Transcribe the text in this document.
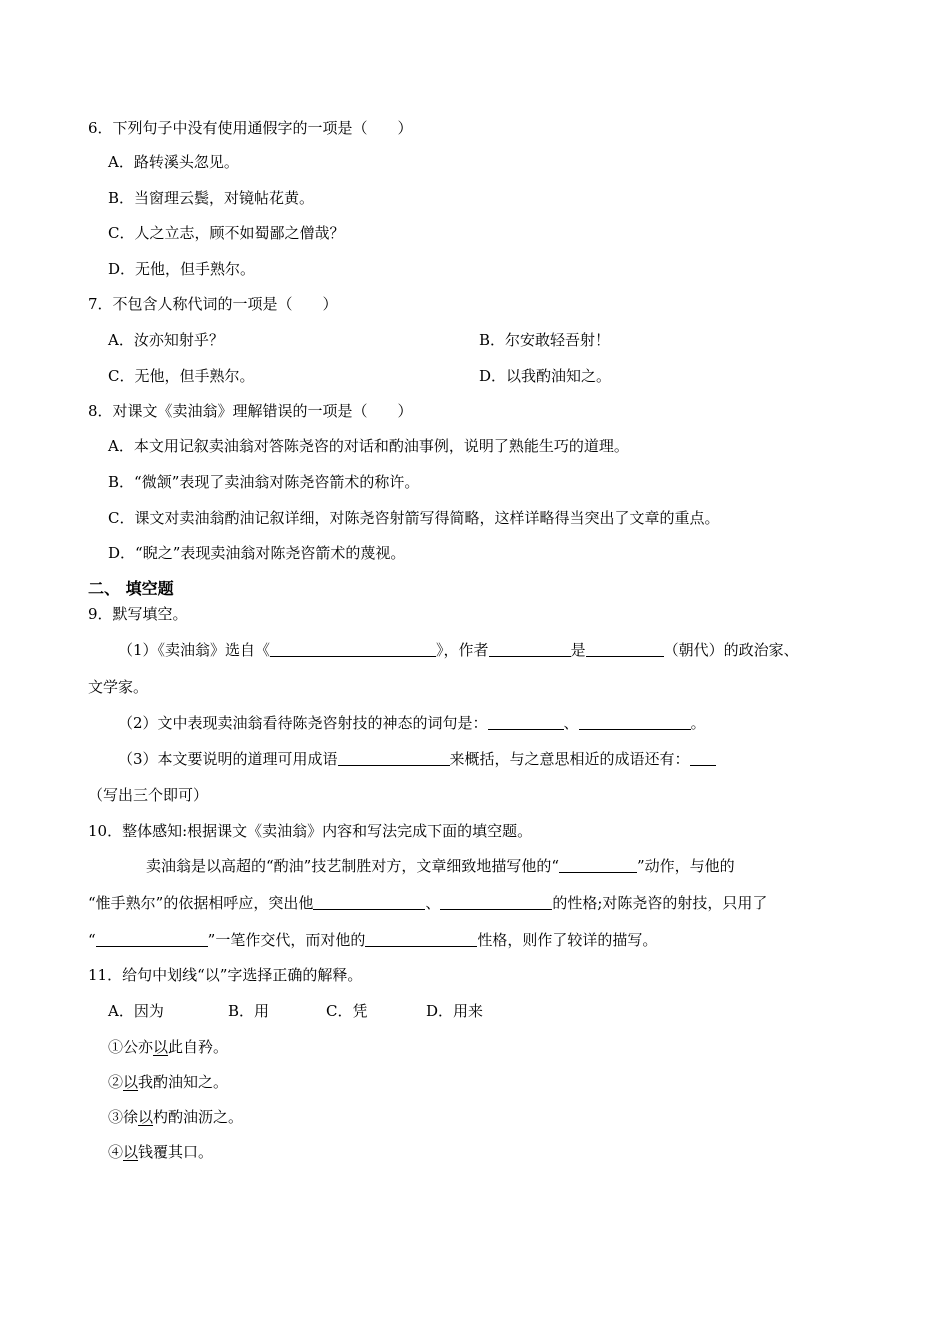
6．下列句子中没有使用通假字的一项是（　　）
A．路转溪头忽见。
B．当窗理云鬓，对镜帖花黄。
C．人之立志，顾不如蜀鄙之僧哉？
D．无他，但手熟尔。
7．不包含人称代词的一项是（　　）
A．汝亦知射乎？	B．尔安敢轻吾射！
C．无他，但手熟尔。	D．以我酌油知之。
8．对课文《卖油翁》理解错误的一项是（　　）
A．本文用记叙卖油翁对答陈尧咨的对话和酌油事例，说明了熟能生巧的道理。
B．“微颔”表现了卖油翁对陈尧咨箭术的称许。
C．课文对卖油翁酌油记叙详细，对陈尧咨射箭写得简略，这样详略得当突出了文章的重点。
D．“睨之”表现卖油翁对陈尧咨箭术的蔑视。
二、 填空题
9．默写填空。
（1）《卖油翁》选自《	》，作者	是	（朝代）的政治家、
文学家。
（2）文中表现卖油翁看待陈尧咨射技的神态的词句是：	、	。
（3）本文要说明的道理可用成语	来概括，与之意思相近的成语还有：
（写出三个即可）
10．整体感知:根据课文《卖油翁》内容和写法完成下面的填空题。
卖油翁是以高超的“酌油”技艺制胜对方，文章细致地描写他的“	”动作，与他的
“惟手熟尔”的依据相呼应，突出他	、	的性格;对陈尧咨的射技，只用了
“	”一笔作交代，而对他的	性格，则作了较详的描写。
11．给句中划线“以”字选择正确的解释。
A．因为	B．用	C．凭	D．用来
①公亦以此自矜。
②以我酌油知之。
③徐以杓酌油沥之。
④以钱覆其口。
